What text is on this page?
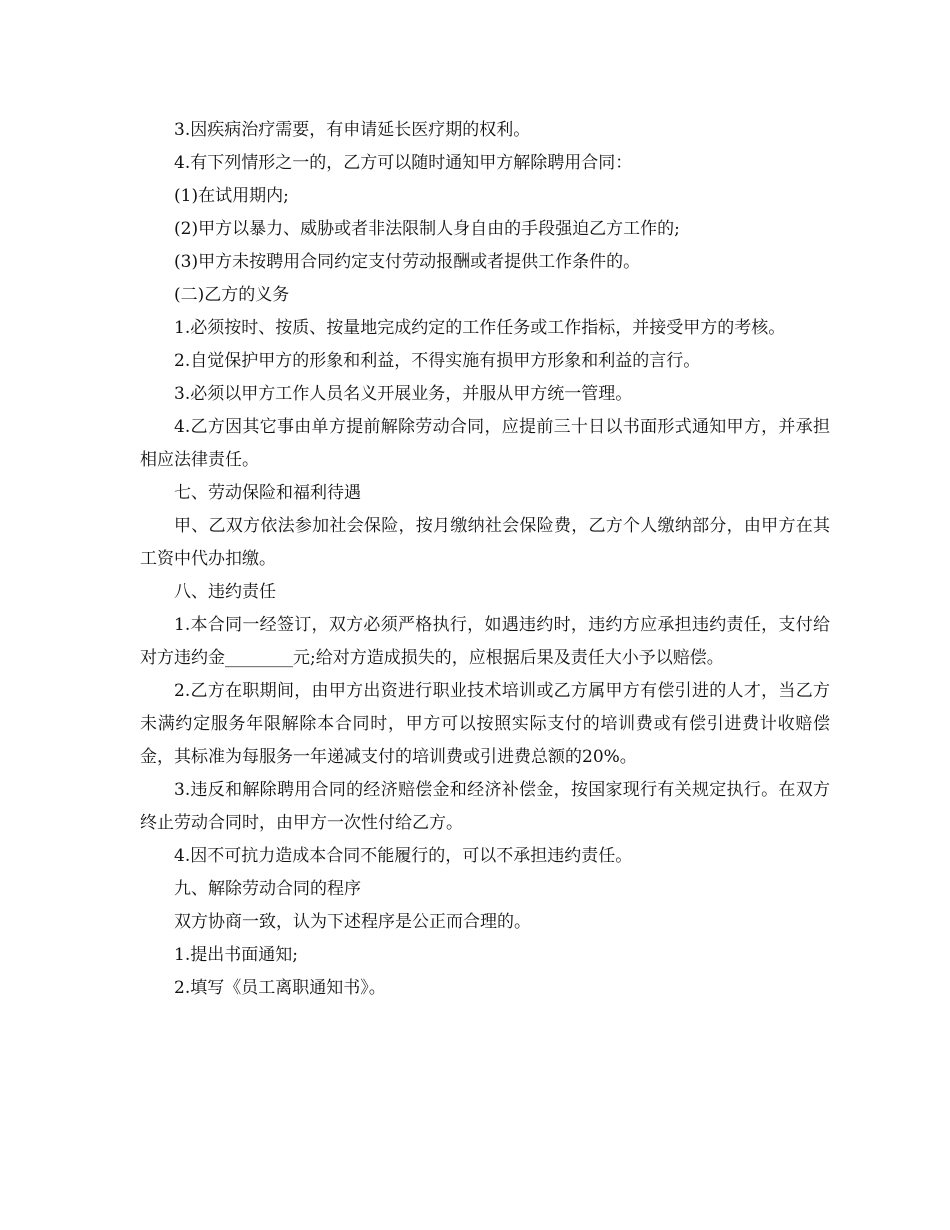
3.因疾病治疗需要，有申请延长医疗期的权利。

4.有下列情形之一的，乙方可以随时通知甲方解除聘用合同：

(1)在试用期内;

(2)甲方以暴力、威胁或者非法限制人身自由的手段强迫乙方工作的;

(3)甲方未按聘用合同约定支付劳动报酬或者提供工作条件的。

(二)乙方的义务

1.必须按时、按质、按量地完成约定的工作任务或工作指标，并接受甲方的考核。

2.自觉保护甲方的形象和利益，不得实施有损甲方形象和利益的言行。

3.必须以甲方工作人员名义开展业务，并服从甲方统一管理。

4.乙方因其它事由单方提前解除劳动合同，应提前三十日以书面形式通知甲方，并承担相应法律责任。

七、劳动保险和福利待遇

甲、乙双方依法参加社会保险，按月缴纳社会保险费，乙方个人缴纳部分，由甲方在其工资中代办扣缴。

八、违约责任

1.本合同一经签订，双方必须严格执行，如遇违约时，违约方应承担违约责任，支付给对方违约金________元;给对方造成损失的，应根据后果及责任大小予以赔偿。

2.乙方在职期间，由甲方出资进行职业技术培训或乙方属甲方有偿引进的人才，当乙方未满约定服务年限解除本合同时，甲方可以按照实际支付的培训费或有偿引进费计收赔偿金，其标准为每服务一年递减支付的培训费或引进费总额的20%。

3.违反和解除聘用合同的经济赔偿金和经济补偿金，按国家现行有关规定执行。在双方终止劳动合同时，由甲方一次性付给乙方。

4.因不可抗力造成本合同不能履行的，可以不承担违约责任。

九、解除劳动合同的程序

双方协商一致，认为下述程序是公正而合理的。

1.提出书面通知;

2.填写《员工离职通知书》。
